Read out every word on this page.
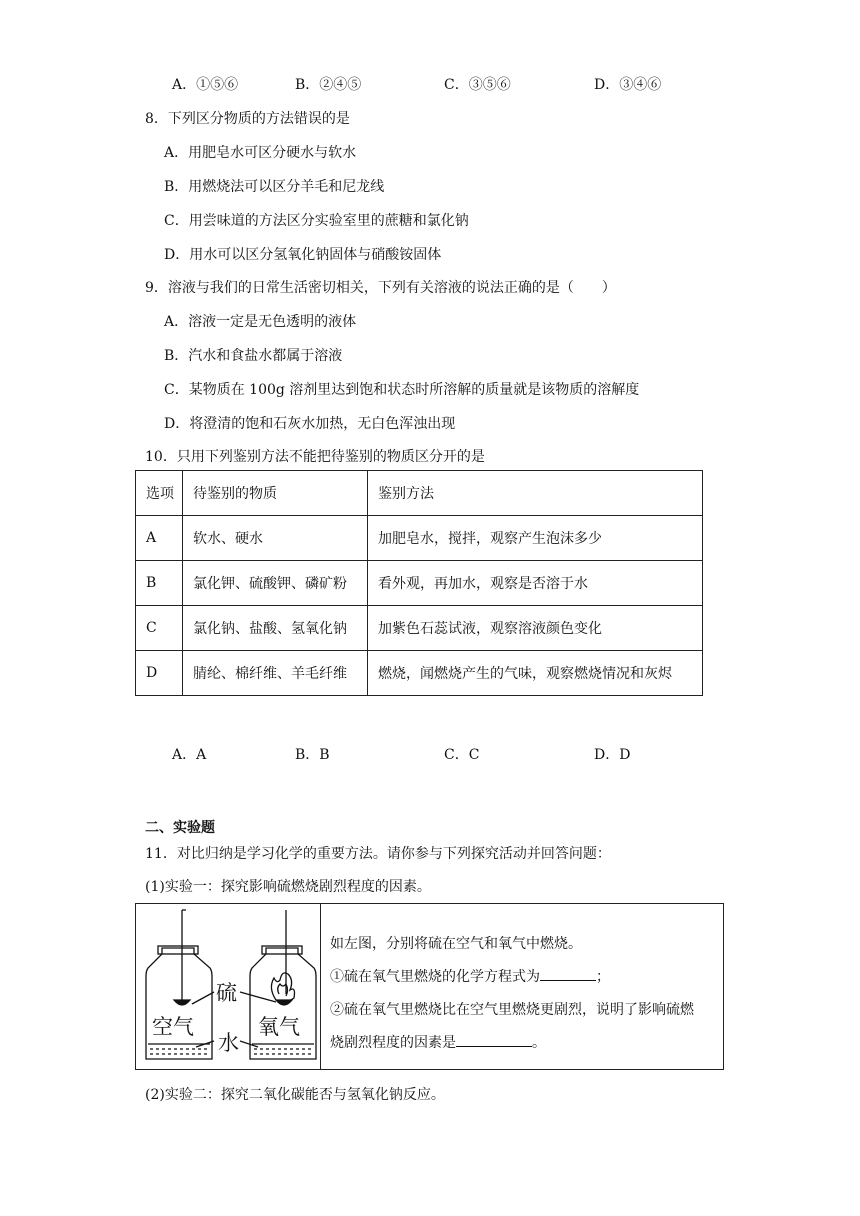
A．①⑤⑥	B．②④⑤	C．③⑤⑥	D．③④⑥
8．下列区分物质的方法错误的是
A．用肥皂水可区分硬水与软水
B．用燃烧法可以区分羊毛和尼龙线
C．用尝味道的方法区分实验室里的蔗糖和氯化钠
D．用水可以区分氢氧化钠固体与硝酸铵固体
9．溶液与我们的日常生活密切相关，下列有关溶液的说法正确的是（　　）
A．溶液一定是无色透明的液体
B．汽水和食盐水都属于溶液
C．某物质在 100g 溶剂里达到饱和状态时所溶解的质量就是该物质的溶解度
D．将澄清的饱和石灰水加热，无白色浑浊出现
10．只用下列鉴别方法不能把待鉴别的物质区分开的是
选项	待鉴别的物质	鉴别方法
A	软水、硬水	加肥皂水，搅拌，观察产生泡沫多少
B	氯化钾、硫酸钾、磷矿粉	看外观，再加水，观察是否溶于水
C	氯化钠、盐酸、氢氧化钠	加紫色石蕊试液，观察溶液颜色变化
D	腈纶、棉纤维、羊毛纤维	燃烧，闻燃烧产生的气味，观察燃烧情况和灰烬
A．A	B．B	C．C	D．D
二、实验题
11．对比归纳是学习化学的重要方法。请你参与下列探究活动并回答问题：
(1)实验一：探究影响硫燃烧剧烈程度的因素。
硫
空气	氧气
水
如左图，分别将硫在空气和氧气中燃烧。
①硫在氧气里燃烧的化学方程式为	；
②硫在氧气里燃烧比在空气里燃烧更剧烈，说明了影响硫燃
烧剧烈程度的因素是	。
(2)实验二：探究二氧化碳能否与氢氧化钠反应。
